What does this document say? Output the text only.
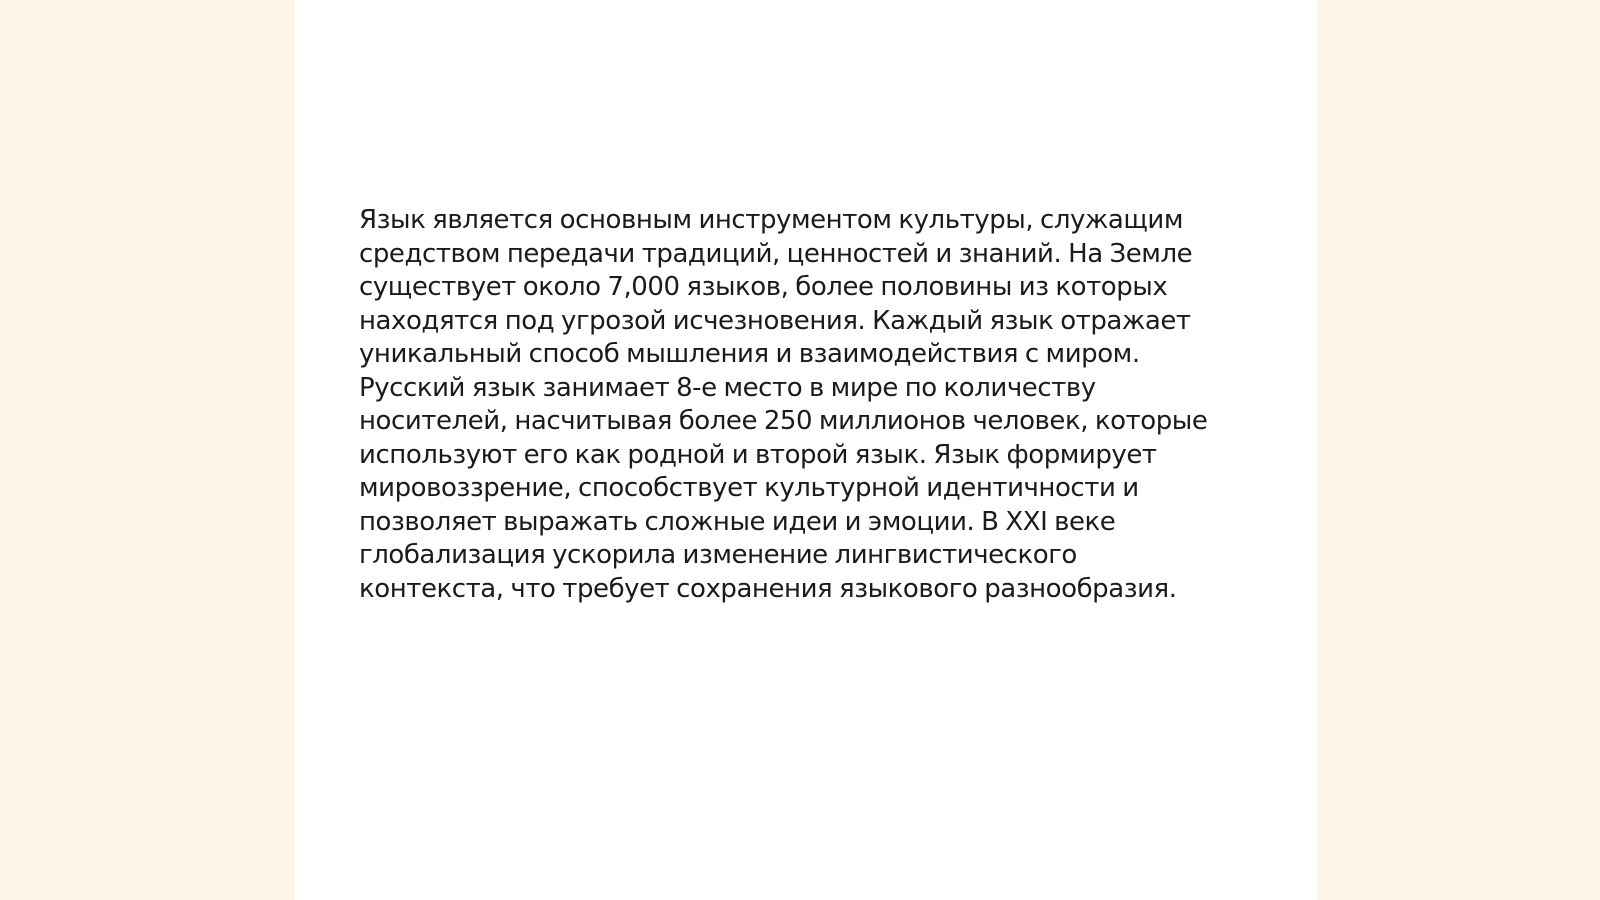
Язык является основным инструментом культуры, служащим
средством передачи традиций, ценностей и знаний. На Земле
существует около 7,000 языков, более половины из которых
находятся под угрозой исчезновения. Каждый язык отражает
уникальный способ мышления и взаимодействия с миром.
Русский язык занимает 8-е место в мире по количеству
носителей, насчитывая более 250 миллионов человек, которые
используют его как родной и второй язык. Язык формирует
мировоззрение, способствует культурной идентичности и
позволяет выражать сложные идеи и эмоции. В XXI веке
глобализация ускорила изменение лингвистического
контекста, что требует сохранения языкового разнообразия.
